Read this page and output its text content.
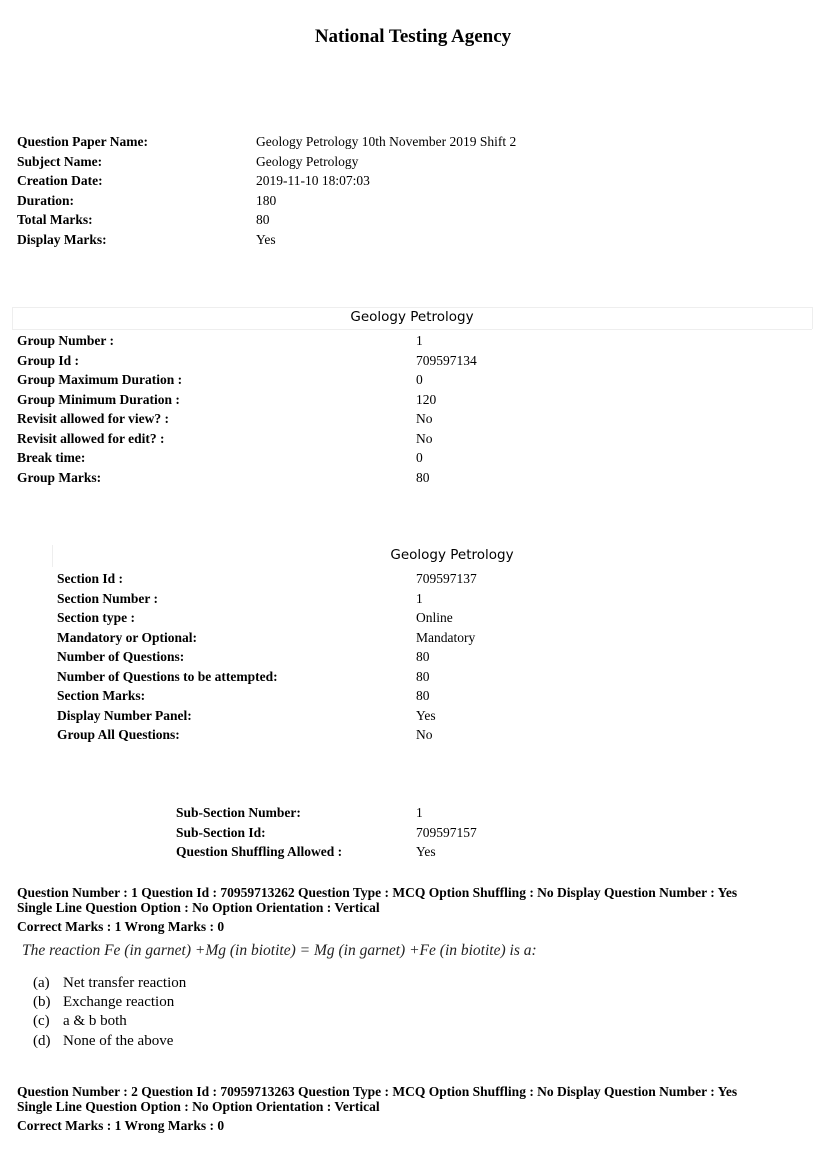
National Testing Agency
Question Paper Name:	Geology Petrology 10th November 2019 Shift 2
Subject Name:	Geology Petrology
Creation Date:	2019-11-10 18:07:03
Duration:	180
Total Marks:	80
Display Marks:	Yes
Geology Petrology
Group Number :	1
Group Id :	709597134
Group Maximum Duration :	0
Group Minimum Duration :	120
Revisit allowed for view? :	No
Revisit allowed for edit? :	No
Break time:	0
Group Marks:	80
Geology Petrology
Section Id :	709597137
Section Number :	1
Section type :	Online
Mandatory or Optional:	Mandatory
Number of Questions:	80
Number of Questions to be attempted:	80
Section Marks:	80
Display Number Panel:	Yes
Group All Questions:	No
Sub-Section Number:	1
Sub-Section Id:	709597157
Question Shuffling Allowed :	Yes
Question Number : 1 Question Id : 70959713262 Question Type : MCQ Option Shuffling : No Display Question Number : Yes
Single Line Question Option : No Option Orientation : Vertical
Correct Marks : 1 Wrong Marks : 0
The reaction Fe (in garnet) +Mg (in biotite) = Mg (in garnet) +Fe (in biotite) is a:
(a) Net transfer reaction
(b) Exchange reaction
(c) a & b both
(d) None of the above
Question Number : 2 Question Id : 70959713263 Question Type : MCQ Option Shuffling : No Display Question Number : Yes
Single Line Question Option : No Option Orientation : Vertical
Correct Marks : 1 Wrong Marks : 0
